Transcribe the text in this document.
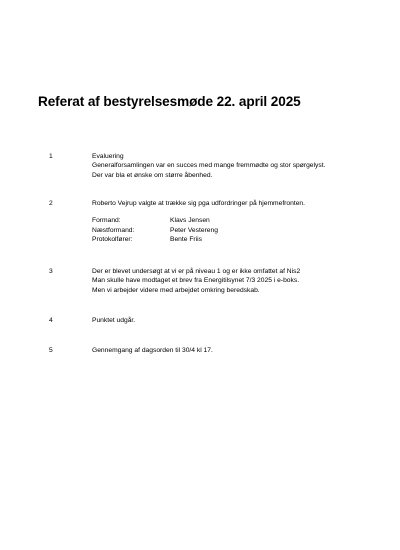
Referat af bestyrelsesmøde 22. april 2025
1	Evaluering
Generalforsamlingen var en succes med mange fremmødte og stor spørgelyst.
Der var bla et ønske om større åbenhed.
2	Roberto Vejrup valgte at trække sig pga udfordringer på hjemmefronten.
Formand:	Klavs Jensen
Næstformand:	Peter Vestereng
Protokolfører:	Bente Friis
3	Der er blevet undersøgt at vi er på niveau 1 og er ikke omfattet af Nis2
Man skulle have modtaget et brev fra Energitilsynet 7/3 2025 i e-boks.
Men vi arbejder videre med arbejdet omkring beredskab.
4	Punktet udgår.
5	Gennemgang af dagsorden til 30/4 kl 17.
